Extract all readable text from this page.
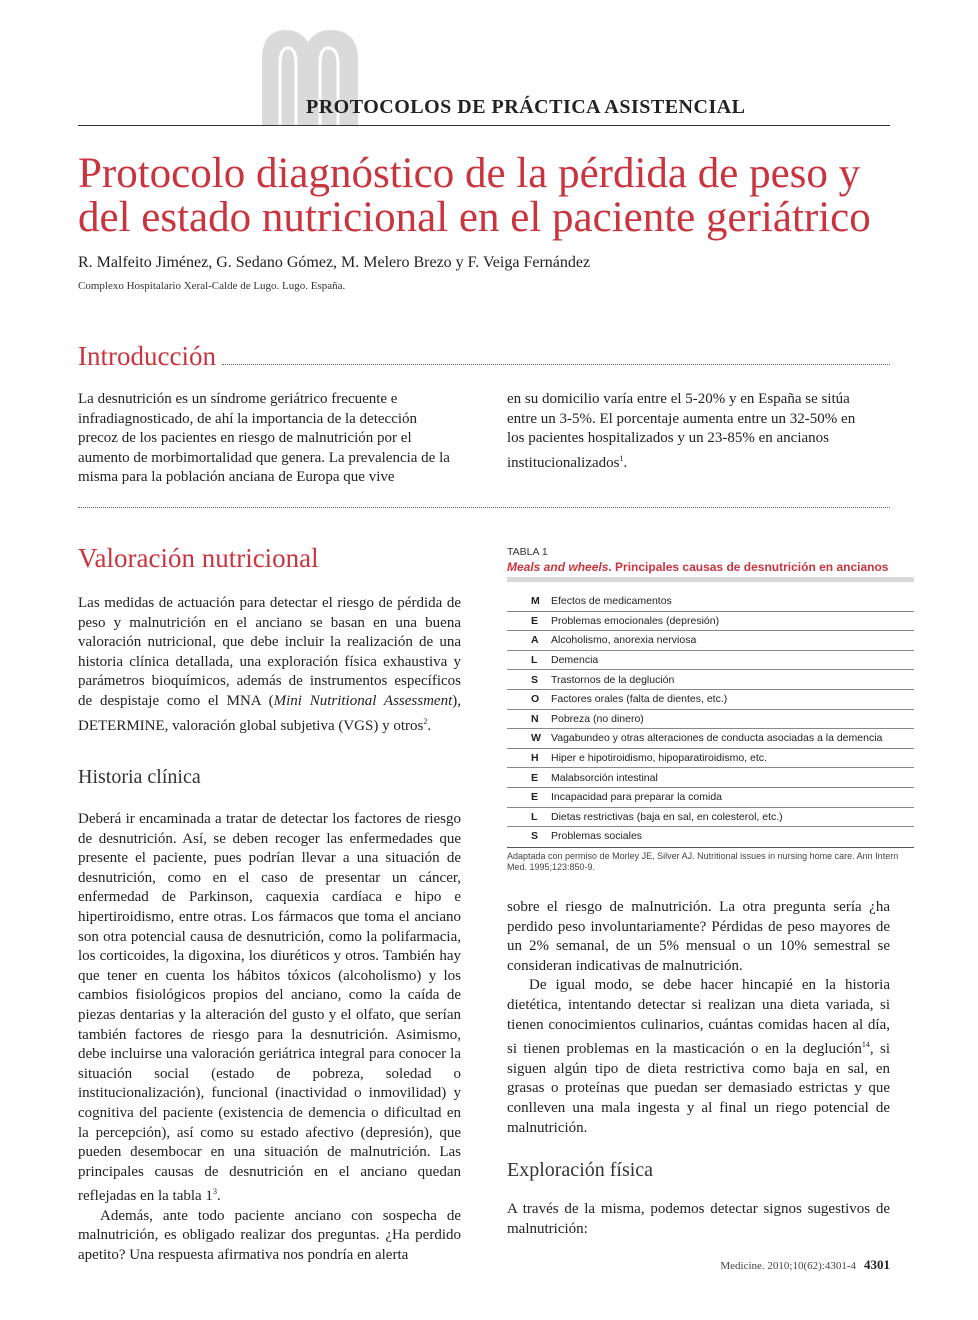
PROTOCOLOS DE PRÁCTICA ASISTENCIAL
Protocolo diagnóstico de la pérdida de peso y del estado nutricional en el paciente geriátrico
R. Malfeito Jiménez, G. Sedano Gómez, M. Melero Brezo y F. Veiga Fernández
Complexo Hospitalario Xeral-Calde de Lugo. Lugo. España.
Introducción

La desnutrición es un síndrome geriátrico frecuente e infradiagnosticado, de ahí la importancia de la detección precoz de los pacientes en riesgo de malnutrición por el aumento de morbimortalidad que genera. La prevalencia de la misma para la población anciana de Europa que vive

en su domicilio varía entre el 5-20% y en España se sitúa entre un 3-5%. El porcentaje aumenta entre un 32-50% en los pacientes hospitalizados y un 23-85% en ancianos institucionalizados$^1$.

Valoración nutricional

Las medidas de actuación para detectar el riesgo de pérdida de peso y malnutrición en el anciano se basan en una buena valoración nutricional, que debe incluir la realización de una historia clínica detallada, una exploración física exhaustiva y parámetros bioquímicos, además de instrumentos específicos de despistaje como el MNA (Mini Nutritional Assessment), DETERMINE, valoración global subjetiva (VGS) y otros$^2$.

Historia clínica

Deberá ir encaminada a tratar de detectar los factores de riesgo de desnutrición. Así, se deben recoger las enfermedades que presente el paciente, pues podrían llevar a una situación de desnutrición, como en el caso de presentar un cáncer, enfermedad de Parkinson, caquexia cardíaca e hipo e hipertiroidismo, entre otras. Los fármacos que toma el anciano son otra potencial causa de desnutrición, como la polifarmacia, los corticoides, la digoxina, los diuréticos y otros. También hay que tener en cuenta los hábitos tóxicos (alcoholismo) y los cambios fisiológicos propios del anciano, como la caída de piezas dentarias y la alteración del gusto y el olfato, que serían también factores de riesgo para la desnutrición. Asimismo, debe incluirse una valoración geriátrica integral para conocer la situación social (estado de pobreza, soledad o institucionalización), funcional (inactividad o inmovilidad) y cognitiva del paciente (existencia de demencia o dificultad en la percepción), así como su estado afectivo (depresión), que pueden desembocar en una situación de malnutrición. Las principales causas de desnutrición en el anciano quedan reflejadas en la tabla $1^3$.

Además, ante todo paciente anciano con sospecha de malnutrición, es obligado realizar dos preguntas. ¿Ha perdido apetito? Una respuesta afirmativa nos pondría en alerta

sobre el riesgo de malnutrición. La otra pregunta sería ¿ha perdido peso involuntariamente? Pérdidas de peso mayores de un 2% semanal, de un 5% mensual o un 10% semestral se consideran indicativas de malnutrición.

De igual modo, se debe hacer hincapié en la historia dietética, intentando detectar si realizan una dieta variada, si tienen conocimientos culinarios, cuántas comidas hacen al día, si tienen problemas en la masticación o en la deglución$^{14}$, si siguen algún tipo de dieta restrictiva como baja en sal, en grasas o proteínas que puedan ser demasiado estrictas y que conlleven una mala ingesta y al final un riego potencial de malnutrición.

Exploración física

A través de la misma, podemos detectar signos sugestivos de malnutrición:

TABLA 1
Meals and wheels. Principales causas de desnutrición en ancianos
M	Efectos de medicamentos
E	Problemas emocionales (depresión)
A	Alcoholismo, anorexia nerviosa
L	Demencia
S	Trastornos de la deglución
O	Factores orales (falta de dientes, etc.)
N	Pobreza (no dinero)
W Vagabundeo y otras alteraciones de conducta asociadas a la demencia
H	Hiper e hipotiroidismo, hipoparatiroidismo, etc.
E	Malabsorción intestinal
E	Incapacidad para preparar la comida
L	Dietas restrictivas (baja en sal, en colesterol, etc.)
S	Problemas sociales
Adaptada con permiso de Morley JE, Silver AJ. Nutritional issues in nursing home care. Ann Intern Med. 1995;123:850-9.
Medicine. 2010;10(62):4301-4 4301
